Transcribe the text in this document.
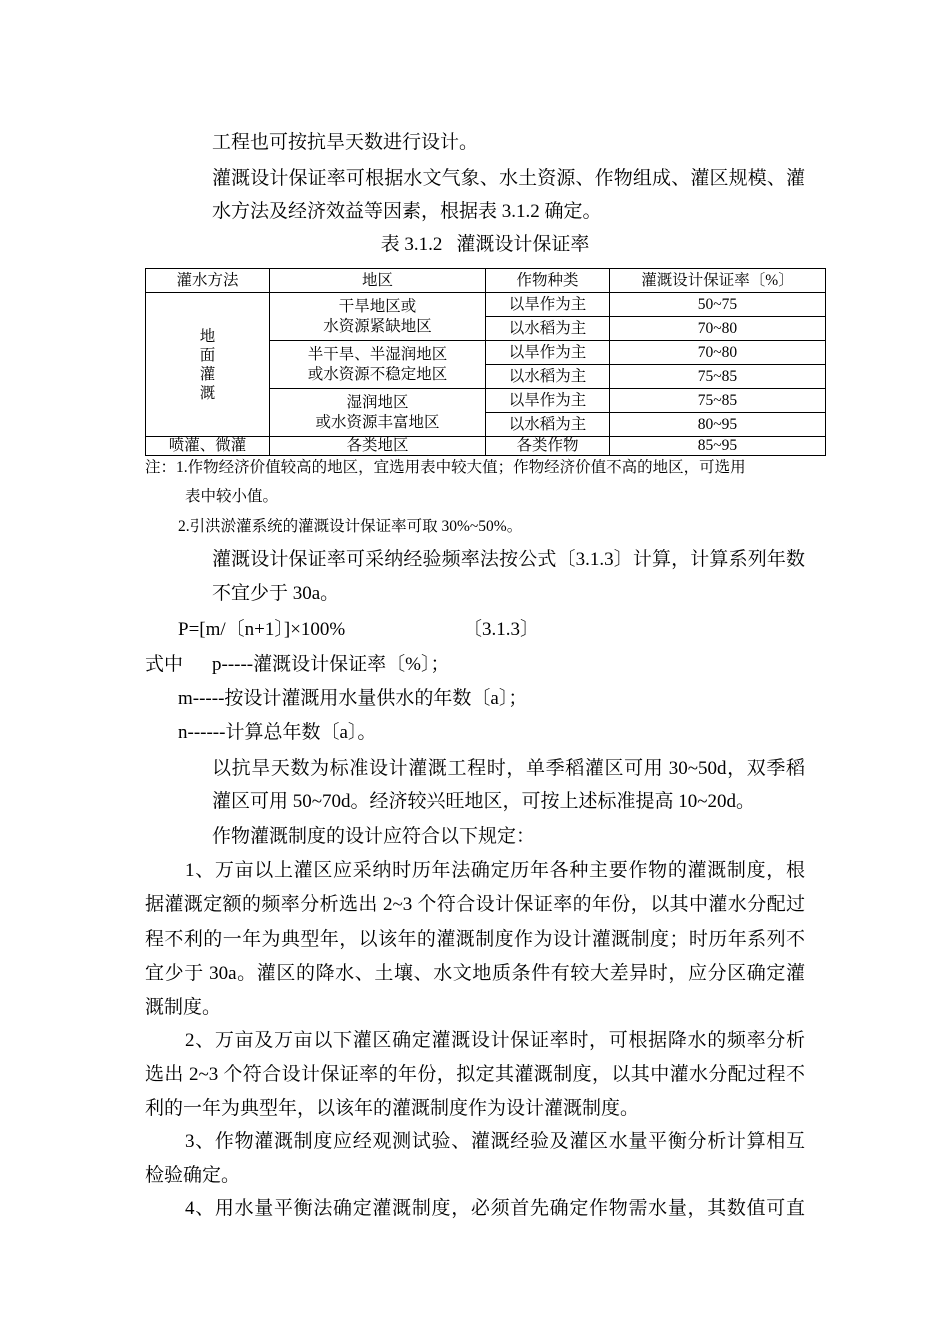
工程也可按抗旱天数进行设计。
灌溉设计保证率可根据水文气象、水土资源、作物组成、灌区规模、灌
水方法及经济效益等因素，根据表 3.1.2 确定。
表 3.1.2 灌溉设计保证率
灌水方法	地区	作物种类	灌溉设计保证率〔%〕

地
面
灌
溉	干旱地区或
水资源紧缺地区	以旱作为主	50~75
		以水稻为主	70~80

	半干旱、半湿润地区
或水资源不稳定地区	以旱作为主	70~80
		以水稻为主	75~85

	湿润地区
或水资源丰富地区	以旱作为主	75~85
		以水稻为主	80~95
喷灌、微灌	各类地区	各类作物	85~95
注：1.作物经济价值较高的地区，宜选用表中较大值；作物经济价值不高的地区，可选用
表中较小值。
2.引洪淤灌系统的灌溉设计保证率可取 30%~50%。
灌溉设计保证率可采纳经验频率法按公式〔3.1.3〕计算，计算系列年数
不宜少于 30a。
P=[m/〔n+1〕]×100%	〔3.1.3〕
式中 p-----灌溉设计保证率〔%〕；
m-----按设计灌溉用水量供水的年数〔a〕；
n------计算总年数〔a〕。
以抗旱天数为标准设计灌溉工程时，单季稻灌区可用 30~50d，双季稻
灌区可用 50~70d。经济较兴旺地区，可按上述标准提高 10~20d。
作物灌溉制度的设计应符合以下规定：
1、万亩以上灌区应采纳时历年法确定历年各种主要作物的灌溉制度，根
据灌溉定额的频率分析选出 2~3 个符合设计保证率的年份，以其中灌水分配过
程不利的一年为典型年，以该年的灌溉制度作为设计灌溉制度；时历年系列不
宜少于 30a。灌区的降水、土壤、水文地质条件有较大差异时，应分区确定灌
溉制度。
2、万亩及万亩以下灌区确定灌溉设计保证率时，可根据降水的频率分析
选出 2~3 个符合设计保证率的年份，拟定其灌溉制度，以其中灌水分配过程不
利的一年为典型年，以该年的灌溉制度作为设计灌溉制度。
3、作物灌溉制度应经观测试验、灌溉经验及灌区水量平衡分析计算相互
检验确定。
4、用水量平衡法确定灌溉制度，必须首先确定作物需水量，其数值可直
